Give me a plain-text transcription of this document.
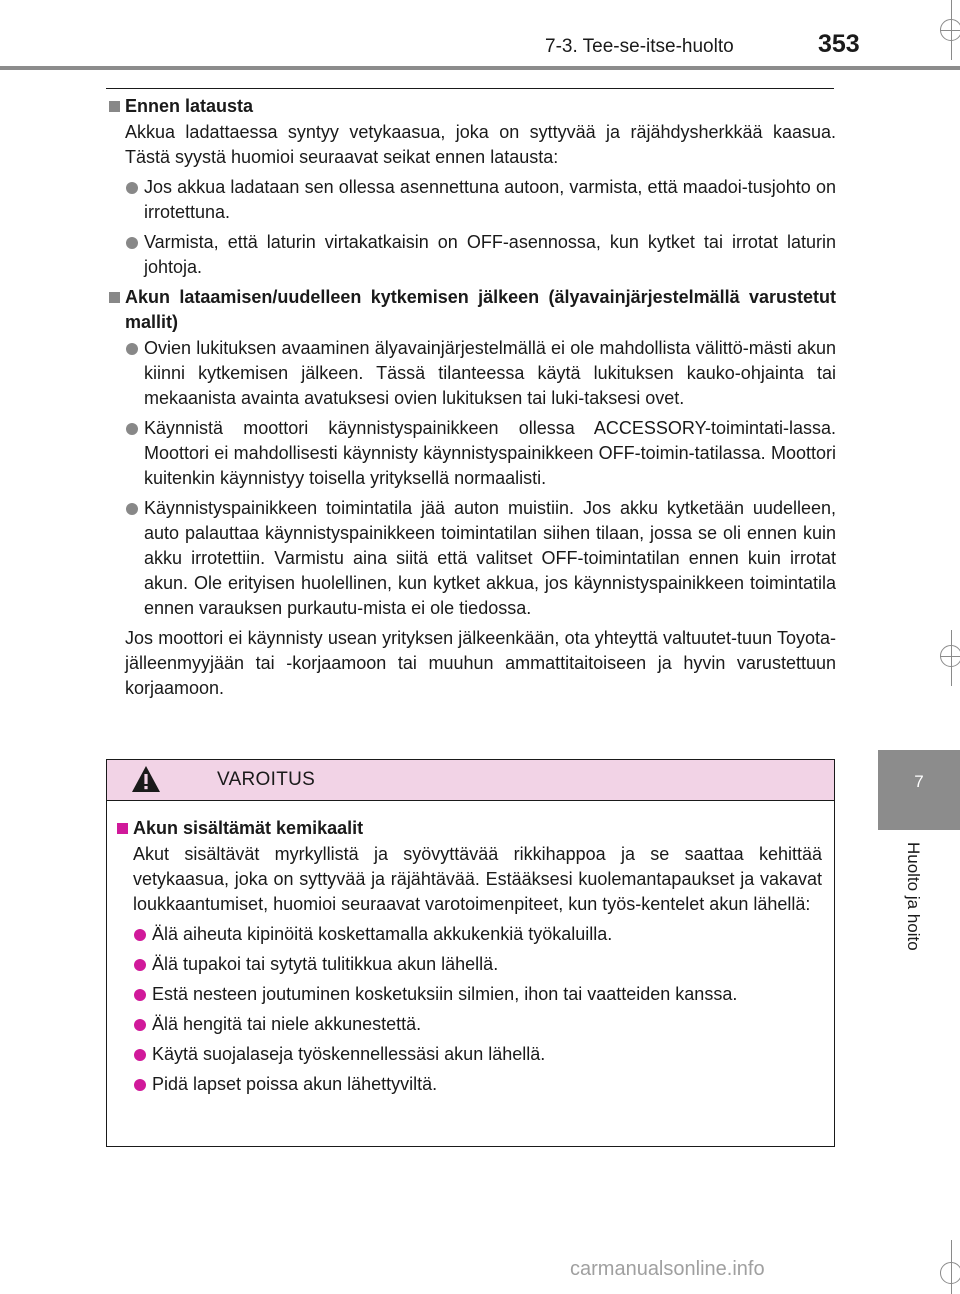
7-3. Tee-se-itse-huolto	353
7
Huolto ja hoito
Ennen latausta
Akkua ladattaessa syntyy vetykaasua, joka on syttyvää ja räjähdysherkkää kaasua. Tästä syystä huomioi seuraavat seikat ennen latausta:
Jos akkua ladataan sen ollessa asennettuna autoon, varmista, että maadoi-tusjohto on irrotettuna.
Varmista, että laturin virtakatkaisin on OFF-asennossa, kun kytket tai irrotat laturin johtoja.
Akun lataamisen/uudelleen kytkemisen jälkeen (älyavainjärjestelmällä varustetut mallit)
Ovien lukituksen avaaminen älyavainjärjestelmällä ei ole mahdollista välittö-mästi akun kiinni kytkemisen jälkeen. Tässä tilanteessa käytä lukituksen kauko-ohjainta tai mekaanista avainta avatuksesi ovien lukituksen tai luki-taksesi ovet.
Käynnistä moottori käynnistyspainikkeen ollessa ACCESSORY-toimintati-lassa. Moottori ei mahdollisesti käynnisty käynnistyspainikkeen OFF-toimin-tatilassa. Moottori kuitenkin käynnistyy toisella yrityksellä normaalisti.
Käynnistyspainikkeen toimintatila jää auton muistiin. Jos akku kytketään uudelleen, auto palauttaa käynnistyspainikkeen toimintatilan siihen tilaan, jossa se oli ennen kuin akku irrotettiin. Varmistu aina siitä että valitset OFF-toimintatilan ennen kuin irrotat akun. Ole erityisen huolellinen, kun kytket akkua, jos käynnistyspainikkeen toimintatila ennen varauksen purkautu-mista ei ole tiedossa.
Jos moottori ei käynnisty usean yrityksen jälkeenkään, ota yhteyttä valtuutet-tuun Toyota-jälleenmyyjään tai -korjaamoon tai muuhun ammattitaitoiseen ja hyvin varustettuun korjaamoon.
VAROITUS
Akun sisältämät kemikaalit
Akut sisältävät myrkyllistä ja syövyttävää rikkihappoa ja se saattaa kehittää vetykaasua, joka on syttyvää ja räjähtävää. Estääksesi kuolemantapaukset ja vakavat loukkaantumiset, huomioi seuraavat varotoimenpiteet, kun työs-kentelet akun lähellä:
Älä aiheuta kipinöitä koskettamalla akkukenkiä työkaluilla.
Älä tupakoi tai sytytä tulitikkua akun lähellä.
Estä nesteen joutuminen kosketuksiin silmien, ihon tai vaatteiden kanssa.
Älä hengitä tai niele akkunestettä.
Käytä suojalaseja työskennellessäsi akun lähellä.
Pidä lapset poissa akun lähettyviltä.
carmanualsonline.info
